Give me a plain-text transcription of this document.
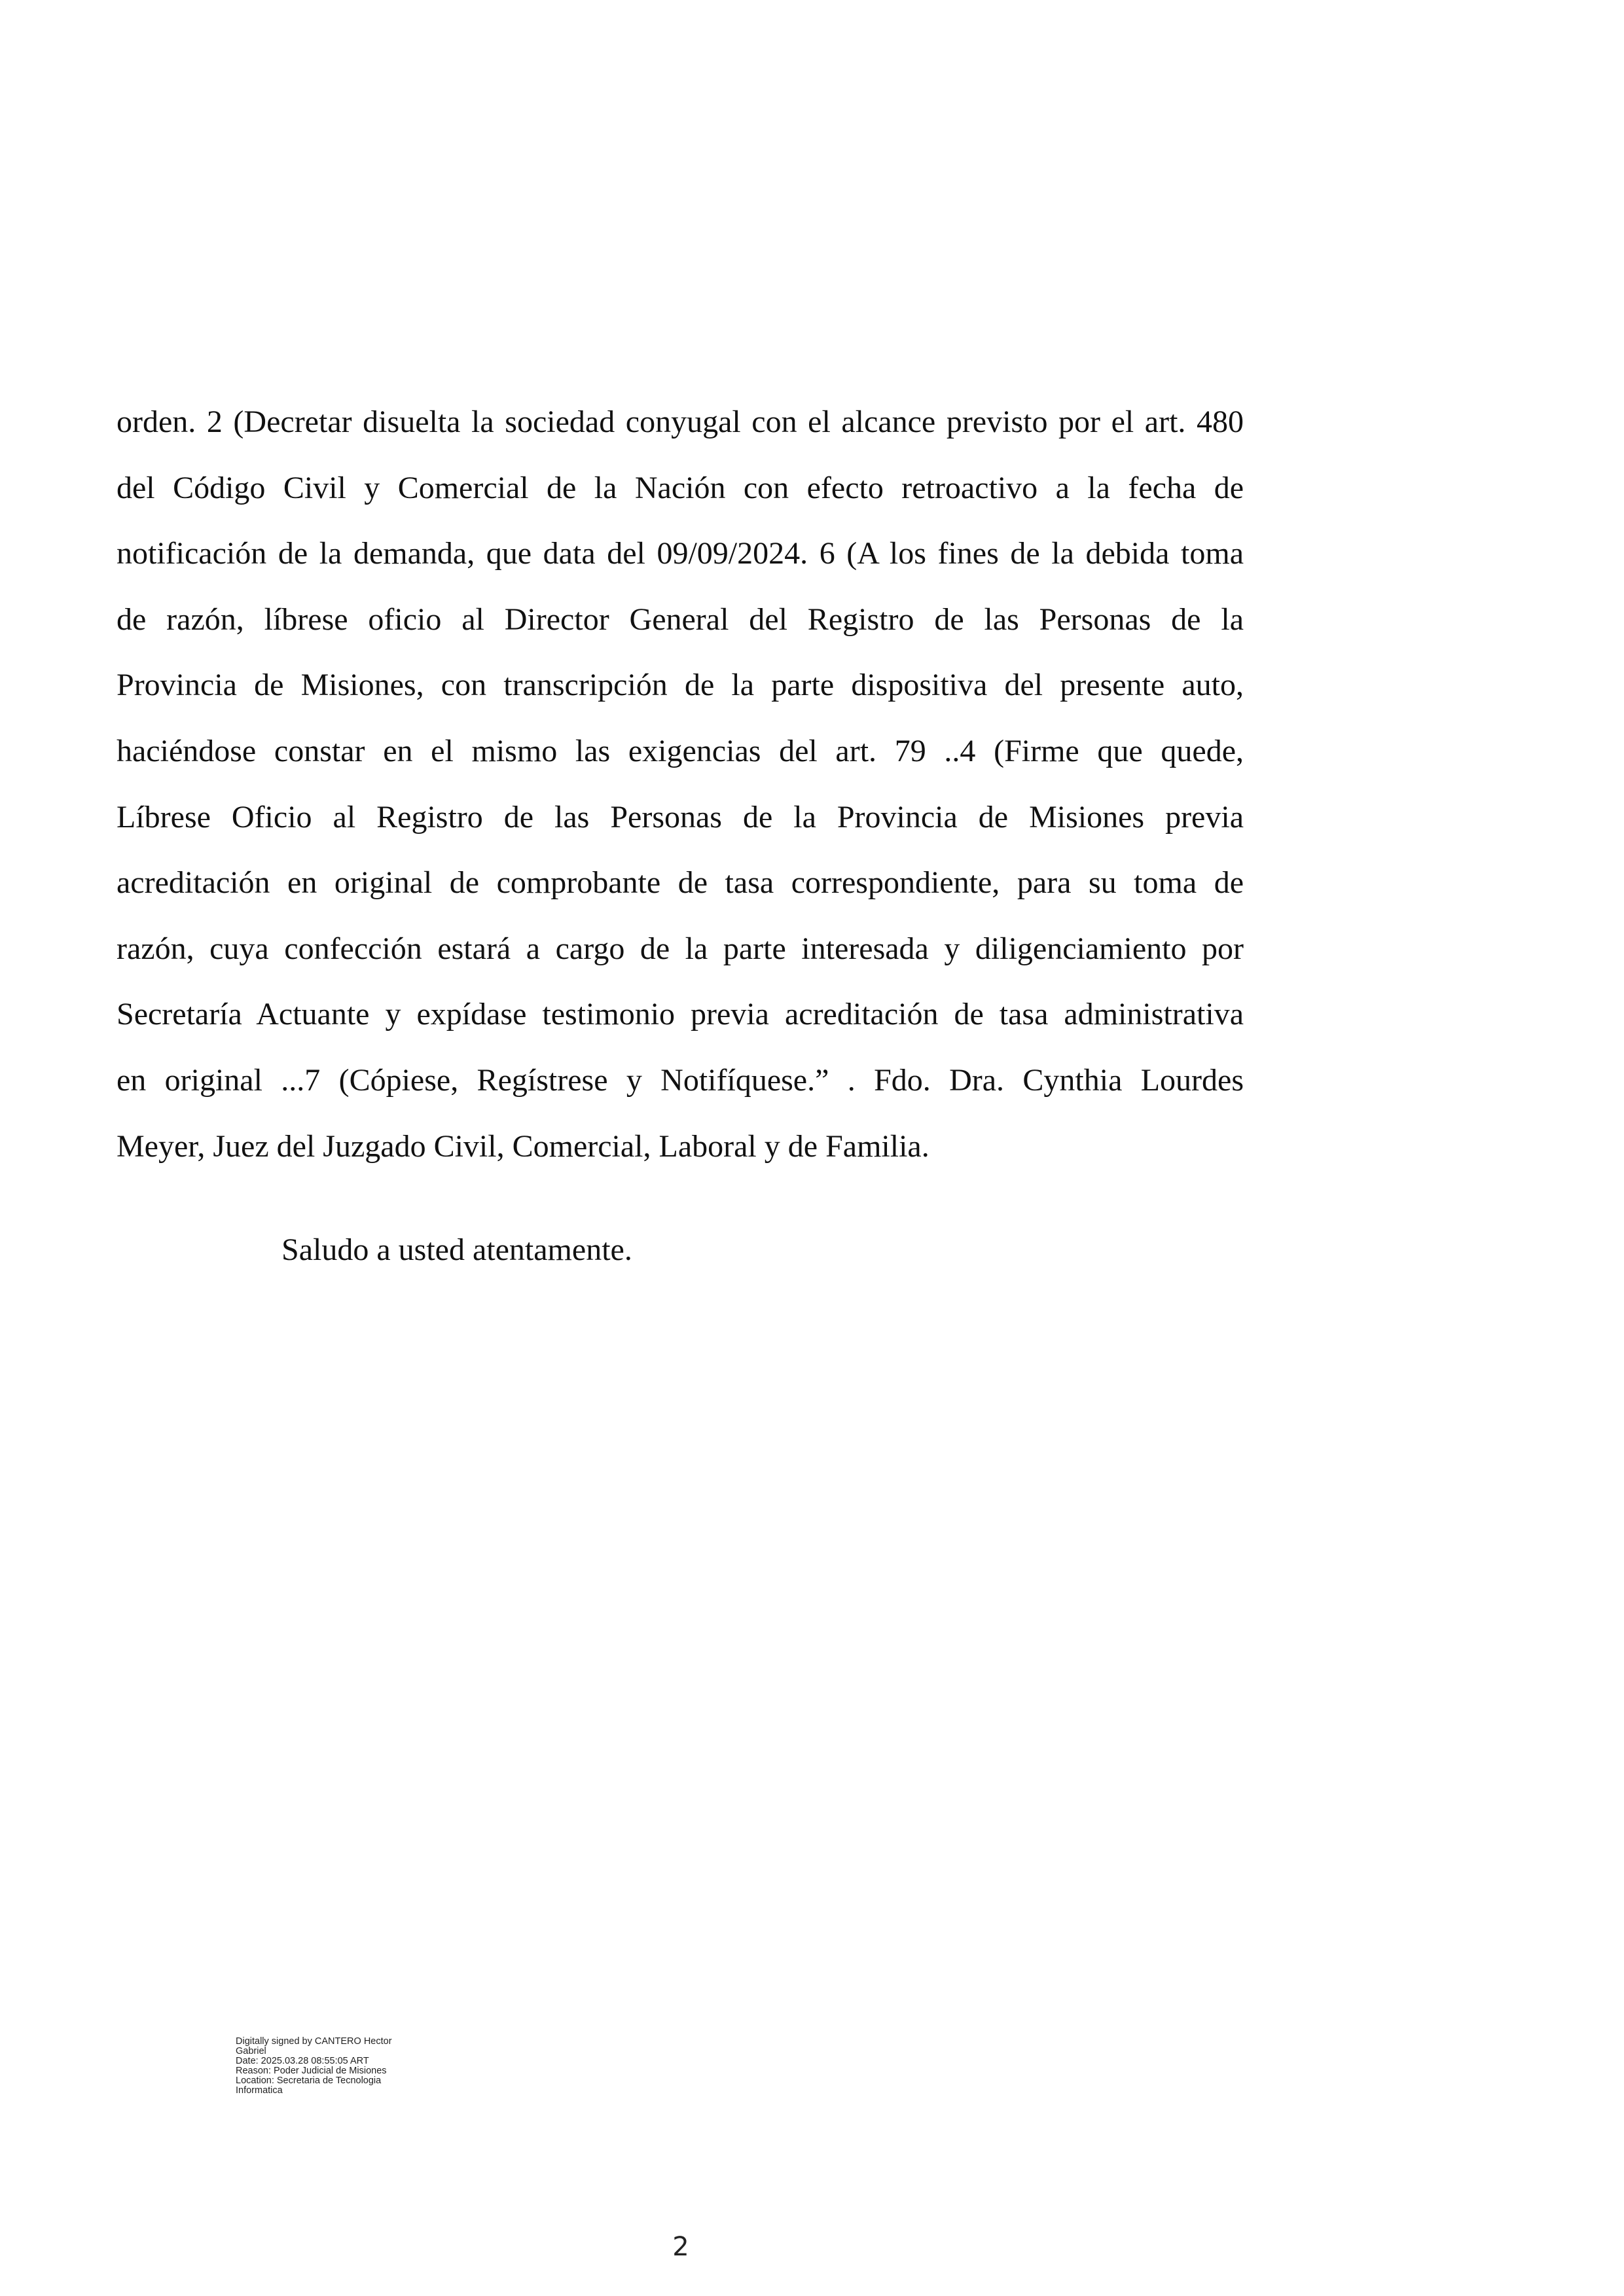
orden. 2 (Decretar disuelta la sociedad conyugal con el alcance previsto por el art. 480
del Código Civil y Comercial de la Nación con efecto retroactivo a la fecha de
notificación de la demanda, que data del 09/09/2024. 6 (A los fines de la debida toma
de razón, líbrese oficio al Director General del Registro de las Personas de la
Provincia de Misiones, con transcripción de la parte dispositiva del presente auto,
haciéndose constar en el mismo las exigencias del art. 79 ..4 (Firme que quede,
Líbrese Oficio al Registro de las Personas de la Provincia de Misiones previa
acreditación en original de comprobante de tasa correspondiente, para su toma de
razón, cuya confección estará a cargo de la parte interesada y diligenciamiento por
Secretaría Actuante y expídase testimonio previa acreditación de tasa administrativa
en original ...7 (Cópiese, Regístrese y Notifíquese.” . Fdo. Dra. Cynthia Lourdes
Meyer, Juez del Juzgado Civil, Comercial, Laboral y de Familia.

Saludo a usted atentamente.

Digitally signed by CANTERO Hector
Gabriel
Date: 2025.03.28 08:55:05 ART
Reason: Poder Judicial de Misiones
Location: Secretaria de Tecnologia
Informatica
2
